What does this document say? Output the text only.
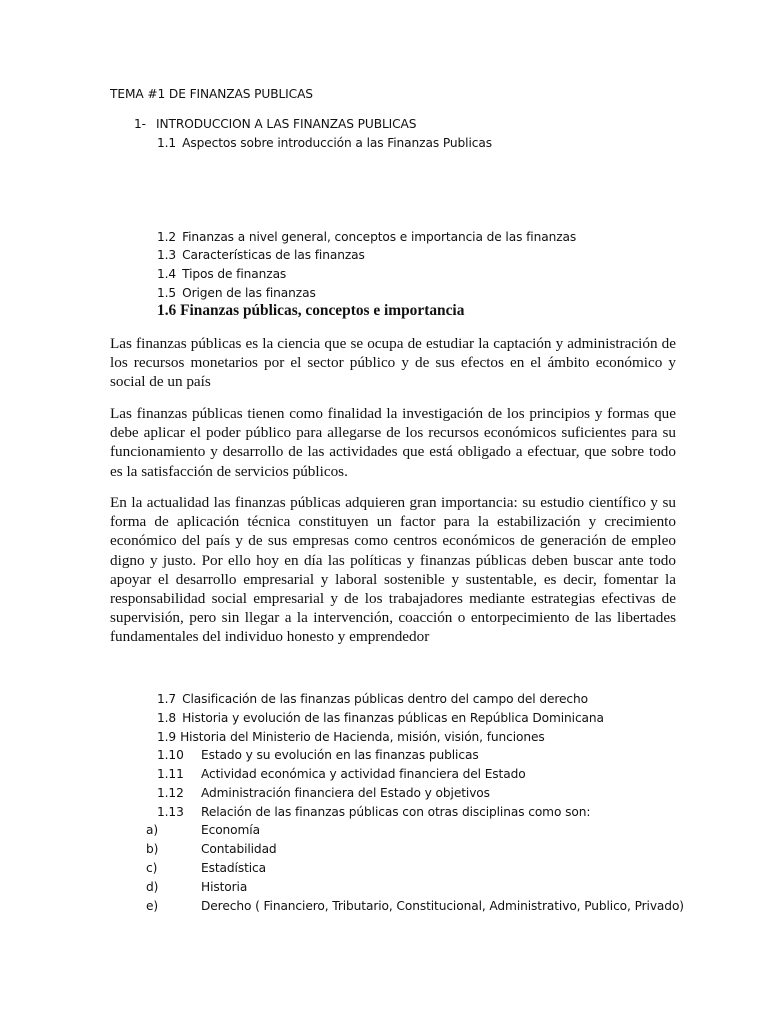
TEMA #1 DE FINANZAS PUBLICAS
1- INTRODUCCION A LAS FINANZAS PUBLICAS
1.1 Aspectos sobre introducción a las Finanzas Publicas
1.2 Finanzas a nivel general, conceptos e importancia de las finanzas
1.3 Características de las finanzas
1.4 Tipos de finanzas
1.5 Origen de las finanzas
1.6 Finanzas públicas, conceptos e importancia

Las finanzas públicas es la ciencia que se ocupa de estudiar la captación y administración de los recursos monetarios por el sector público y de sus efectos en el ámbito económico y social de un país

Las finanzas públicas tienen como finalidad la investigación de los principios y formas que debe aplicar el poder público para allegarse de los recursos económicos suficientes para su funcionamiento y desarrollo de las actividades que está obligado a efectuar, que sobre todo es la satisfacción de servicios públicos.

En la actualidad las finanzas públicas adquieren gran importancia: su estudio científico y su forma de aplicación técnica constituyen un factor para la estabilización y crecimiento económico del país y de sus empresas como centros económicos de generación de empleo digno y justo. Por ello hoy en día las políticas y finanzas públicas deben buscar ante todo apoyar el desarrollo empresarial y laboral sostenible y sustentable, es decir, fomentar la responsabilidad social empresarial y de los trabajadores mediante estrategias efectivas de supervisión, pero sin llegar a la intervención, coacción o entorpecimiento de las libertades fundamentales del individuo honesto y emprendedor

1.7 Clasificación de las finanzas públicas dentro del campo del derecho
1.8 Historia y evolución de las finanzas públicas en República Dominicana
1.9 Historia del Ministerio de Hacienda, misión, visión, funciones
1.10 Estado y su evolución en las finanzas publicas
1.11 Actividad económica y actividad financiera del Estado
1.12 Administración financiera del Estado y objetivos
1.13 Relación de las finanzas públicas con otras disciplinas como son:
a)	Economía
b)	Contabilidad
c)	Estadística
d)	Historia
e)	Derecho ( Financiero, Tributario, Constitucional, Administrativo, Publico, Privado)
